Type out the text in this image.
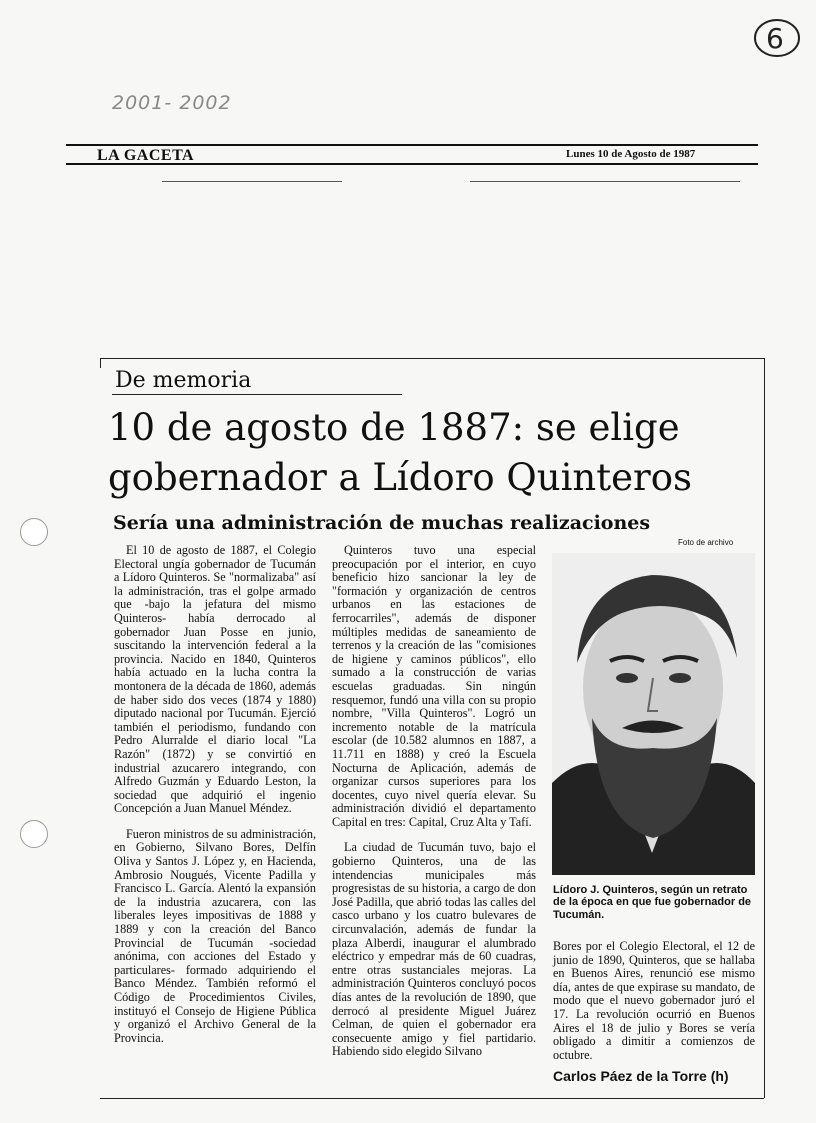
2001- 2002
6
LA GACETA	Lunes 10 de Agosto de 1987
De memoria
10 de agosto de 1887: se elige
gobernador a Lídoro Quinteros
Sería una administración de muchas realizaciones
Foto de archivo

El 10 de agosto de 1887, el Colegio Electoral ungía gobernador de Tucumán a Lídoro Quinteros. Se "normalizaba" así la administración, tras el golpe armado que -bajo la jefatura del mismo Quinteros- había derrocado al gobernador Juan Posse en junio, suscitando la intervención federal a la provincia. Nacido en 1840, Quinteros había actuado en la lucha contra la montonera de la década de 1860, además de haber sido dos veces (1874 y 1880) diputado nacional por Tucumán. Ejerció también el periodismo, fundando con Pedro Alurralde el diario local "La Razón" (1872) y se convirtió en industrial azucarero integrando, con Alfredo Guzmán y Eduardo Leston, la sociedad que adquirió el ingenio Concepción a Juan Manuel Méndez.

Fueron ministros de su administración, en Gobierno, Silvano Bores, Delfín Oliva y Santos J. López y, en Hacienda, Ambrosio Nougués, Vicente Padilla y Francisco L. García. Alentó la expansión de la industria azucarera, con las liberales leyes impositivas de 1888 y 1889 y con la creación del Banco Provincial de Tucumán -sociedad anónima, con acciones del Estado y particulares- formado adquiriendo el Banco Méndez. También reformó el Código de Procedimientos Civiles, instituyó el Consejo de Higiene Pública y organizó el Archivo General de la Provincia.

Quinteros tuvo una especial preocupación por el interior, en cuyo beneficio hizo sancionar la ley de "formación y organización de centros urbanos en las estaciones de ferrocarriles", además de disponer múltiples medidas de saneamiento de terrenos y la creación de las "comisiones de higiene y caminos públicos", ello sumado a la construcción de varias escuelas graduadas. Sin ningún resquemor, fundó una villa con su propio nombre, "Villa Quinteros". Logró un incremento notable de la matrícula escolar (de 10.582 alumnos en 1887, a 11.711 en 1888) y creó la Escuela Nocturna de Aplicación, además de organizar cursos superiores para los docentes, cuyo nivel quería elevar. Su administración dividió el departamento Capital en tres: Capital, Cruz Alta y Tafí.

La ciudad de Tucumán tuvo, bajo el gobierno Quinteros, una de las intendencias municipales más progresistas de su historia, a cargo de don José Padilla, que abrió todas las calles del casco urbano y los cuatro bulevares de circunvalación, además de fundar la plaza Alberdi, inaugurar el alumbrado eléctrico y empedrar más de 60 cuadras, entre otras sustanciales mejoras. La administración Quinteros concluyó pocos días antes de la revolución de 1890, que derrocó al presidente Miguel Juárez Celman, de quien el gobernador era consecuente amigo y fiel partidario. Habiendo sido elegido Silvano

Lídoro J. Quinteros, según un retrato de la época en que fue gobernador de Tucumán.

Bores por el Colegio Electoral, el 12 de junio de 1890, Quinteros, que se hallaba en Buenos Aires, renunció ese mismo día, antes de que expirase su mandato, de modo que el nuevo gobernador juró el 17. La revolución ocurrió en Buenos Aires el 18 de julio y Bores se vería obligado a dimitir a comienzos de octubre.

Carlos Páez de la Torre (h)
